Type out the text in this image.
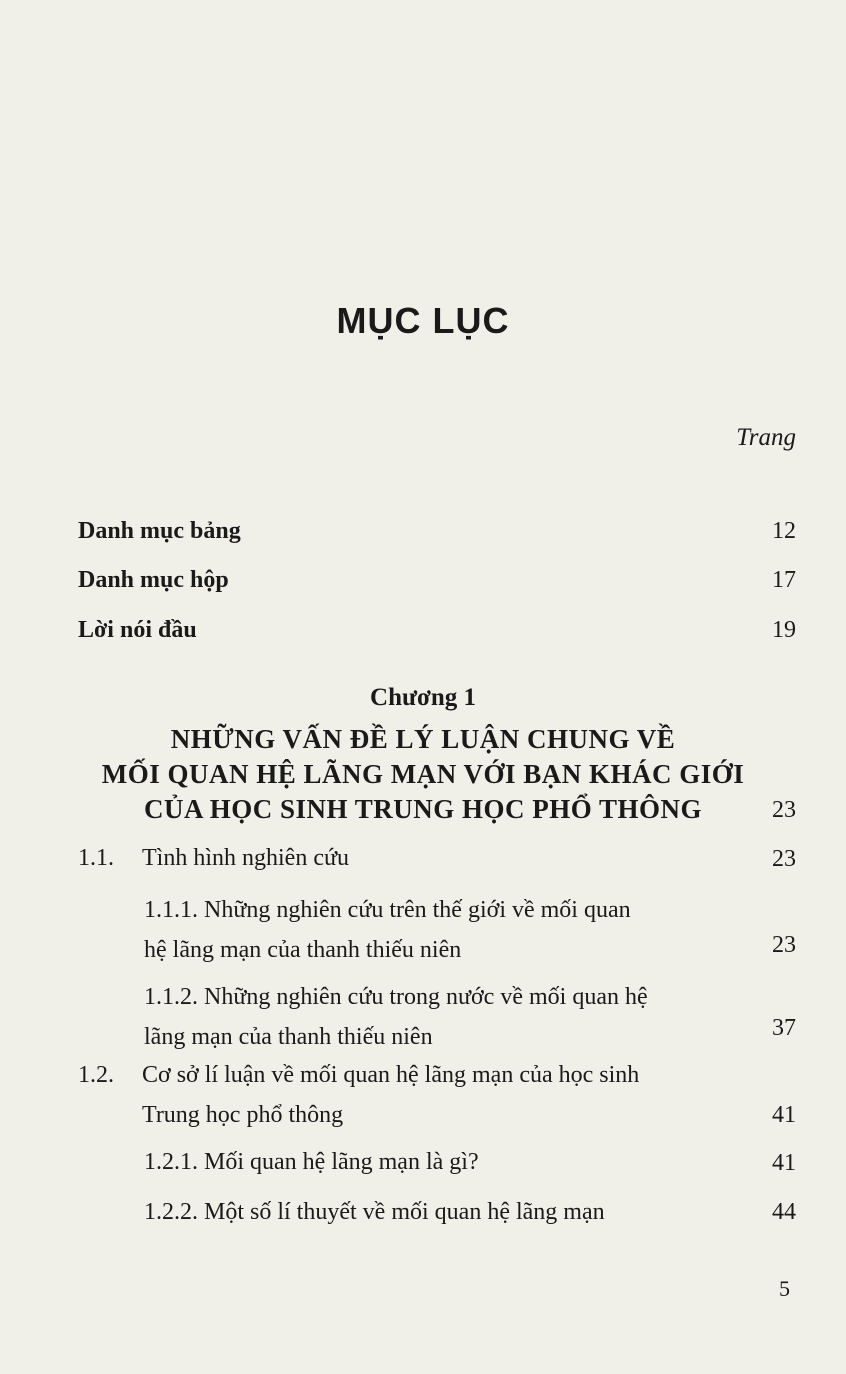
MỤC LỤC
Trang
Danh mục bảng	12
Danh mục hộp	17
Lời nói đầu	19
Chương 1
NHỮNG VẤN ĐỀ LÝ LUẬN CHUNG VỀ
MỐI QUAN HỆ LÃNG MẠN VỚI BẠN KHÁC GIỚI
CỦA HỌC SINH TRUNG HỌC PHỔ THÔNG	23
1.1. Tình hình nghiên cứu	23
1.1.1. Những nghiên cứu trên thế giới về mối quan
hệ lãng mạn của thanh thiếu niên	23
1.1.2. Những nghiên cứu trong nước về mối quan hệ
lãng mạn của thanh thiếu niên	37
1.2. Cơ sở lí luận về mối quan hệ lãng mạn của học sinh
Trung học phổ thông	41
1.2.1. Mối quan hệ lãng mạn là gì?	41
1.2.2. Một số lí thuyết về mối quan hệ lãng mạn	44
5
